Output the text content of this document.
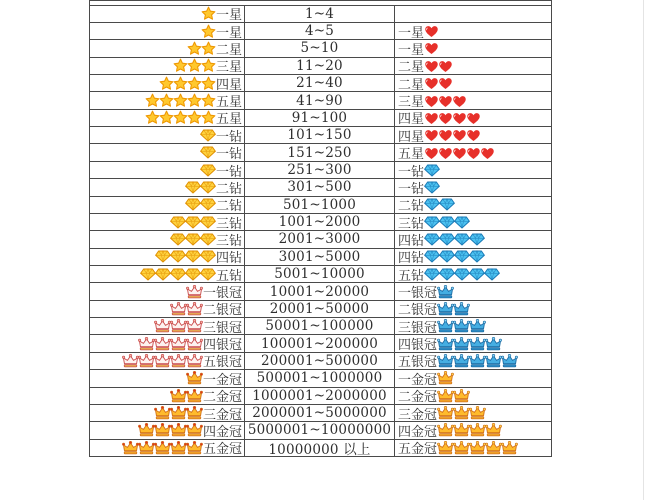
一星	1~4
一星	4~5	一星
二星	5~10	一星
三星	11~20	二星
四星	21~40	二星
五星	41~90	三星
五星	91~100	四星
一钻	101~150	四星
一钻	151~250	五星
一钻	251~300	一钻
二钻	301~500	一钻
二钻	501~1000	二钻
三钻	1001~2000	三钻
三钻	2001~3000	四钻
四钻	3001~5000	四钻
五钻	5001~10000	五钻
一银冠	10001~20000	一银冠
二银冠	20001~50000	二银冠
三银冠	50001~100000	三银冠
四银冠	100001~200000	四银冠
五银冠	200001~500000	五银冠
一金冠	500001~1000000	一金冠
二金冠 1000001~2000000 二金冠
三金冠 2000001~5000000 三金冠
四金冠 5000001~10000000 四金冠
五金冠	10000000 以上	五金冠
